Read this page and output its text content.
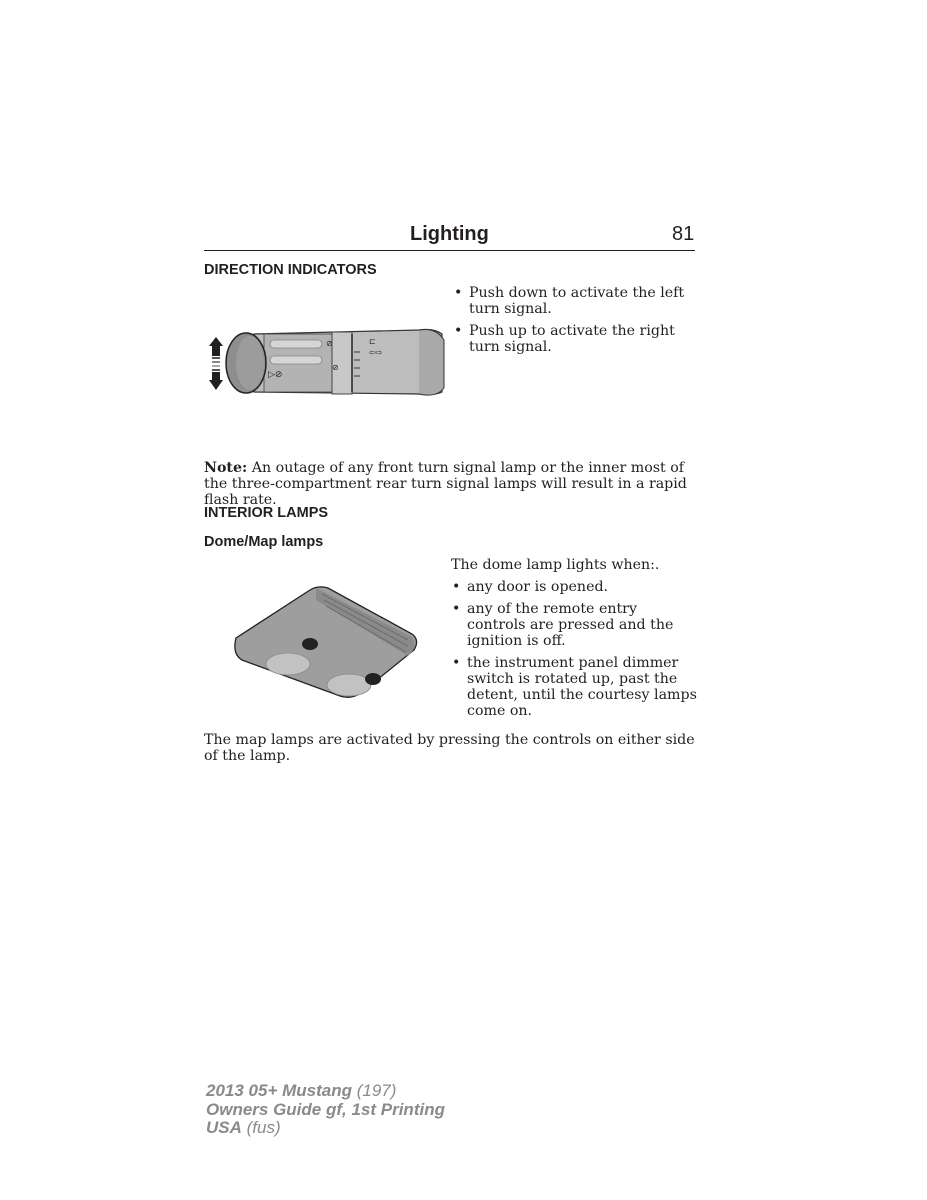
Lighting	81
DIRECTION INDICATORS
▷⊘
⊘
⊘
⊏
⇦⇨
• Push down to activate the left turn signal.
• Push up to activate the right turn signal.

Note: An outage of any front turn signal lamp or the inner most of the three-compartment rear turn signal lamps will result in a rapid flash rate.

INTERIOR LAMPS
Dome/Map lamps

The dome lamp lights when:.

• any door is opened.
• any of the remote entry controls are pressed and the ignition is off.
• the instrument panel dimmer switch is rotated up, past the detent, until the courtesy lamps come on.

The map lamps are activated by pressing the controls on either side of the lamp.

2013 05+ Mustang (197)
Owners Guide gf, 1st Printing
USA (fus)
